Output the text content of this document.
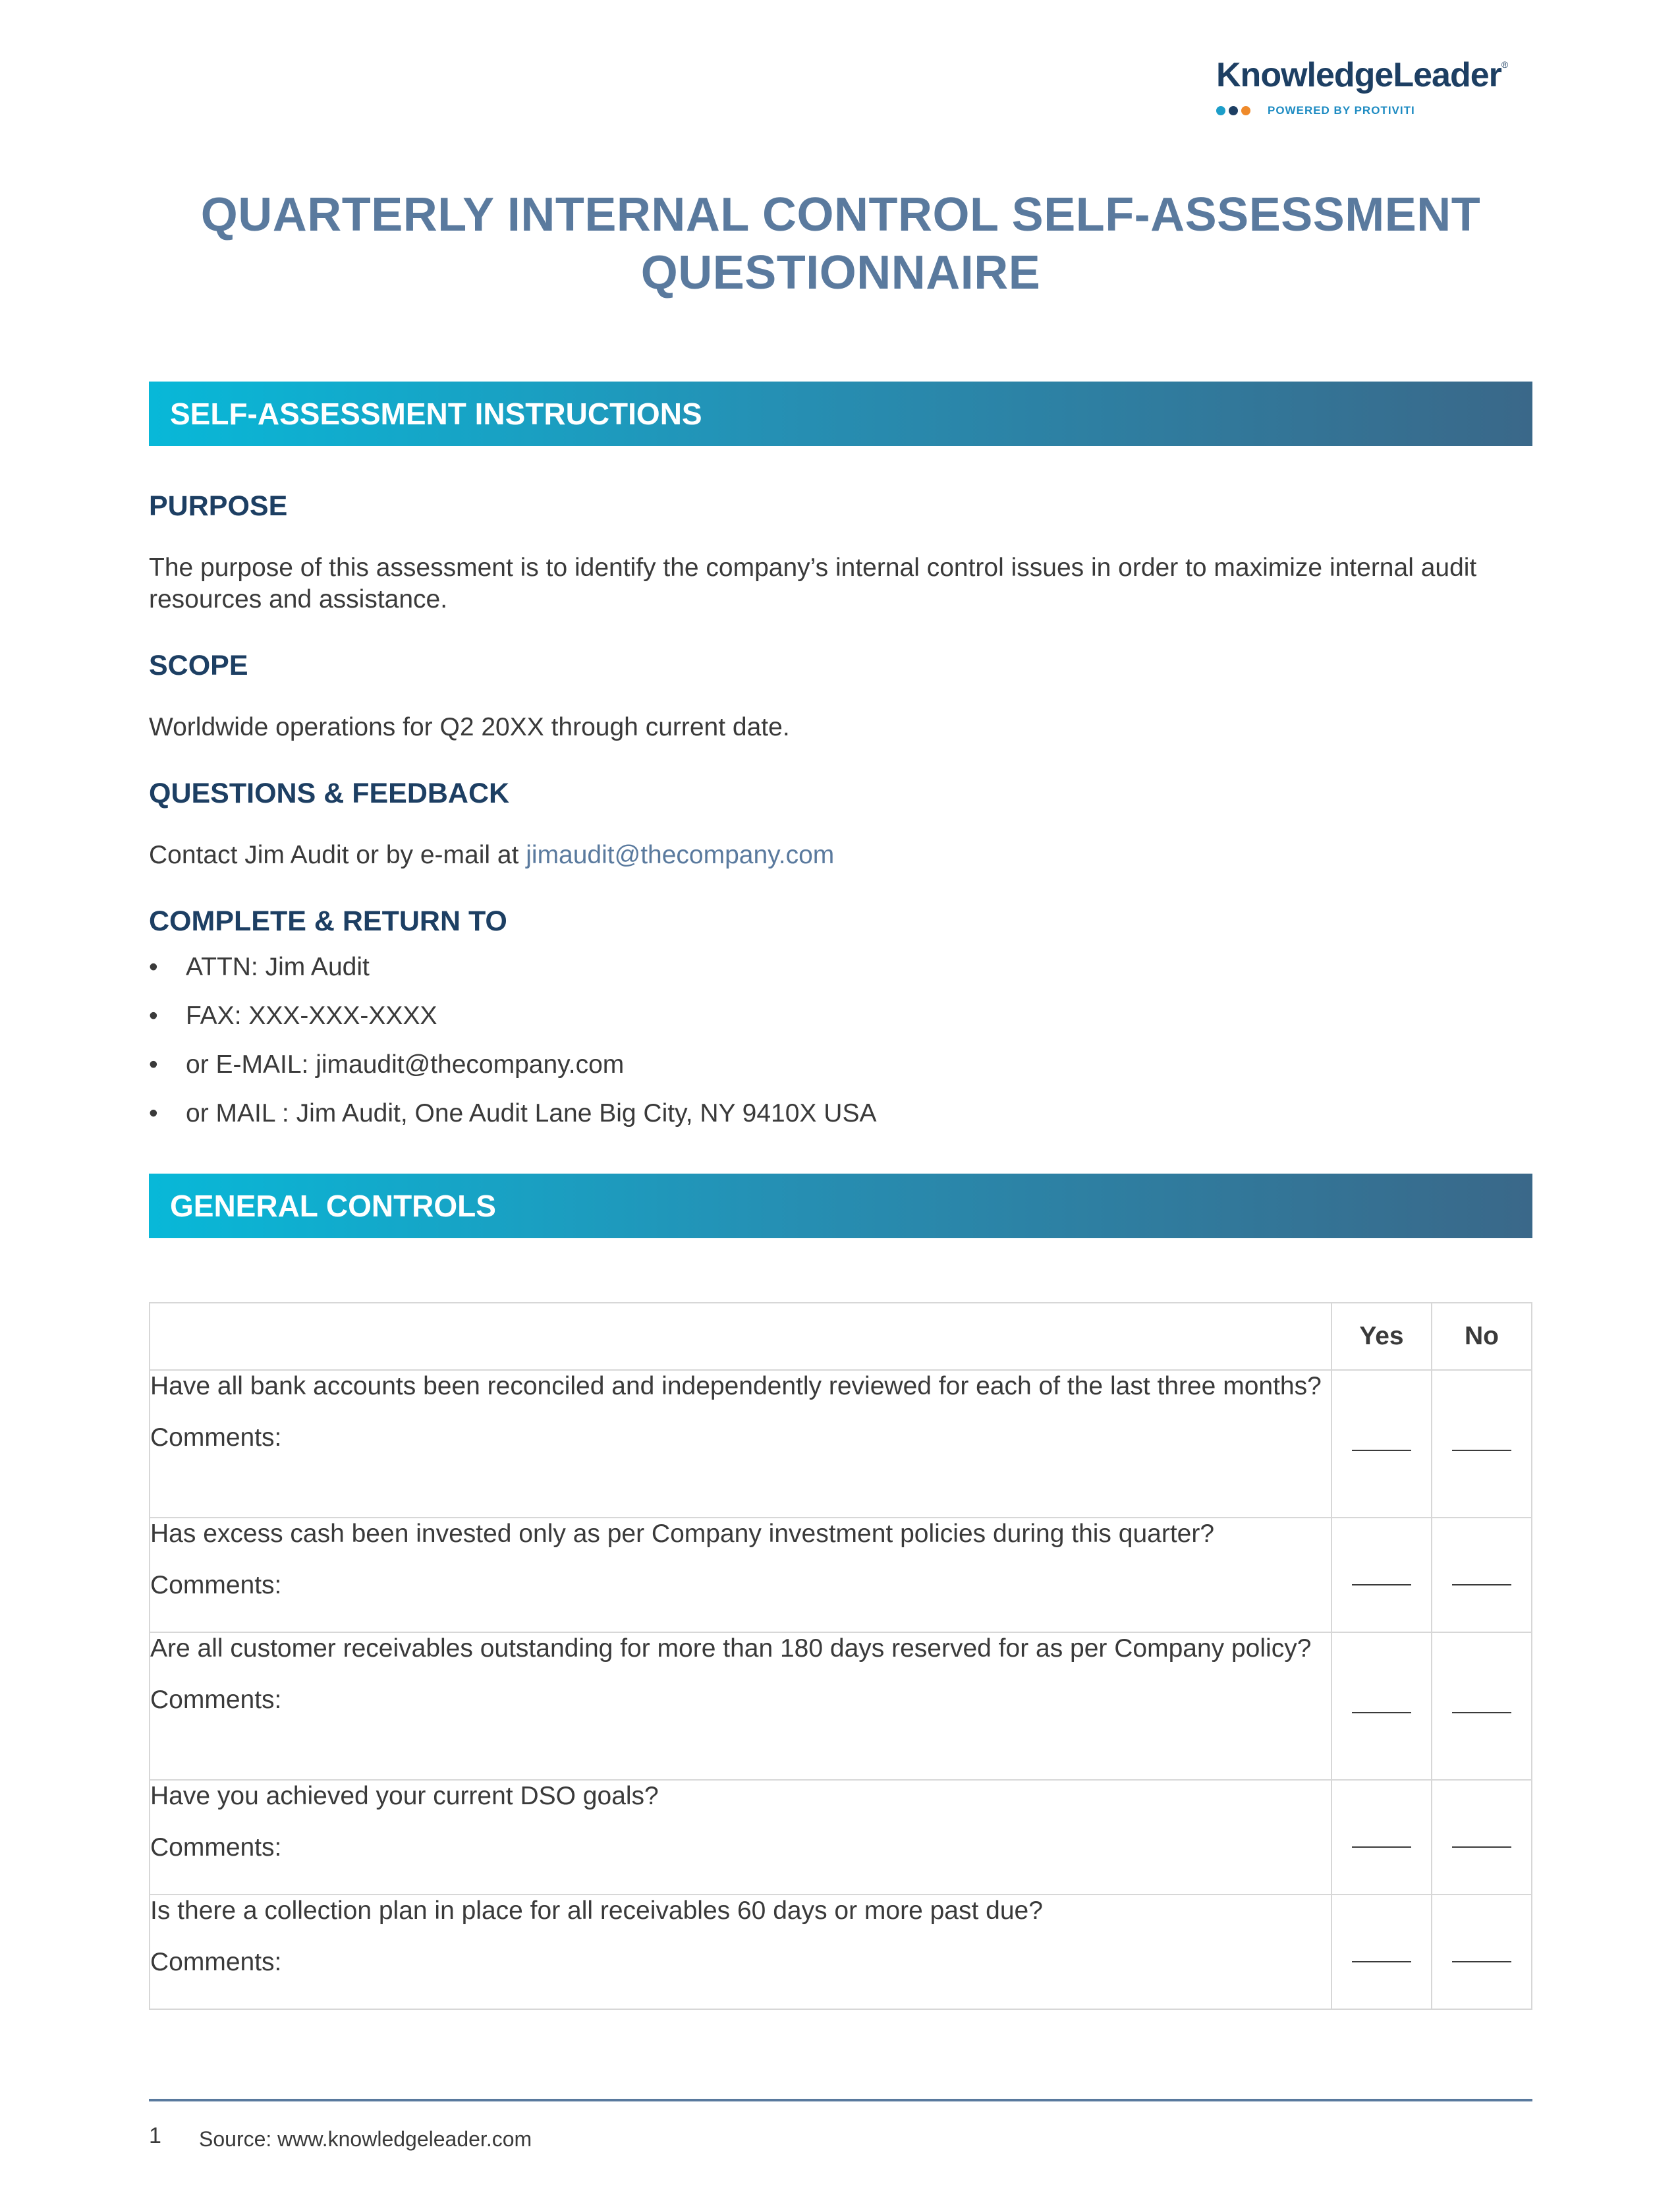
KnowledgeLeader®
POWERED BY PROTIVITI
QUARTERLY INTERNAL CONTROL SELF-ASSESSMENT
QUESTIONNAIRE
SELF-ASSESSMENT INSTRUCTIONS
PURPOSE
The purpose of this assessment is to identify the company’s internal control issues in order to maximize internal audit resources and assistance.
SCOPE
Worldwide operations for Q2 20XX through current date.
QUESTIONS & FEEDBACK
Contact Jim Audit or by e-mail at jimaudit@thecompany.com
COMPLETE & RETURN TO
•	ATTN: Jim Audit
•	FAX: XXX-XXX-XXXX
•	or E-MAIL: jimaudit@thecompany.com
•	or MAIL : Jim Audit, One Audit Lane Big City, NY 9410X USA
GENERAL CONTROLS
	Yes	No

Have all bank accounts been reconciled and independently reviewed for each of the last three months?
Comments:		

Has excess cash been invested only as per Company investment policies during this quarter?
Comments:		

Are all customer receivables outstanding for more than 180 days reserved for as per Company policy?
Comments:		

Have you achieved your current DSO goals?
Comments:		

Is there a collection plan in place for all receivables 60 days or more past due?
Comments:		

1 Source: www.knowledgeleader.com
